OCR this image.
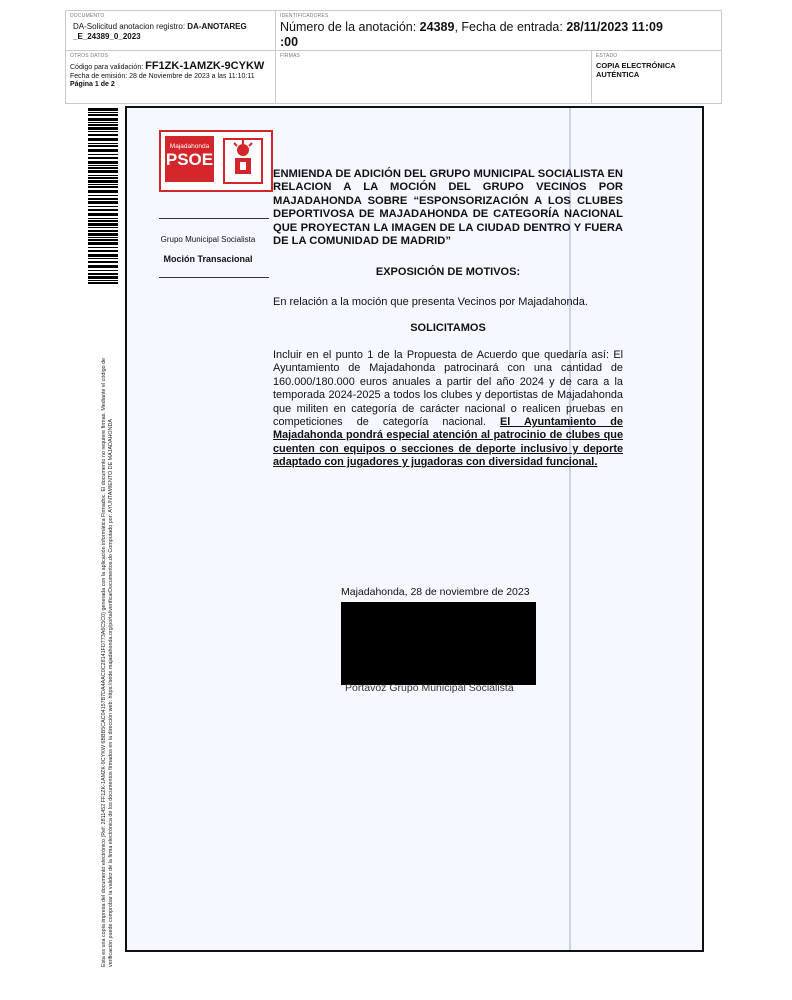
DOCUMENTO
DA-Solicitud anotacion registro: DA-ANOTAREG
_E_24389_0_2023
IDENTIFICADORES
Número de la anotación: 24389, Fecha de entrada: 28/11/2023 11:09
:00
OTROS DATOS
Código para validación: FF1ZK-1AMZK-9CYKW
Fecha de emisión: 28 de Noviembre de 2023 a las 11:10:11
Página 1 de 2
FIRMAS	ESTADO
COPIA ELECTRÓNICA AUTÉNTICA
Esta es una copia impresa del documento electrónico (Ref: 2811452 FF1ZK-1AMZK-9CYKW 6BBB5CAC04157B7DA4AAC0C28141FD773A6C5C0) generada con la aplicación informática Firmadoc. El documento no requiere firmas. Mediante el código de verificación puede comprobar la validez de la firma electrónica de los documentos firmados en la dirección web: https://sede.majadahonda.org/portal/verificarDocumentos.do Computado por: AYUNTAMIENTO DE MAJADAHONDA
Majadahonda
PSOE
Grupo Municipal Socialista
Moción Transacional
ENMIENDA DE ADICIÓN DEL GRUPO MUNICIPAL SOCIALISTA EN RELACION A LA MOCIÓN DEL GRUPO VECINOS POR MAJADAHONDA SOBRE “ESPONSORIZACIÓN A LOS CLUBES DEPORTIVOSA DE MAJADAHONDA DE CATEGORÍA NACIONAL QUE PROYECTAN LA IMAGEN DE LA CIUDAD DENTRO Y FUERA DE LA COMUNIDAD DE MADRID”
EXPOSICIÓN DE MOTIVOS:
En relación a la moción que presenta Vecinos por Majadahonda.
SOLICITAMOS
Incluir en el punto 1 de la Propuesta de Acuerdo que quedaría así: El Ayuntamiento de Majadahonda patrocinará con una cantidad de 160.000/180.000 euros anuales a partir del año 2024 y de cara a la temporada 2024-2025 a todos los clubes y deportistas de Majadahonda que militen en categoría de carácter nacional o realicen pruebas en competiciones de categoría nacional. El Ayuntamiento de Majadahonda pondrá especial atención al patrocinio de clubes que cuenten con equipos o secciones de deporte inclusivo y deporte adaptado con jugadores y jugadoras con diversidad funcional.
Majadahonda, 28 de noviembre de 2023
Portavoz Grupo Municipal Socialista
